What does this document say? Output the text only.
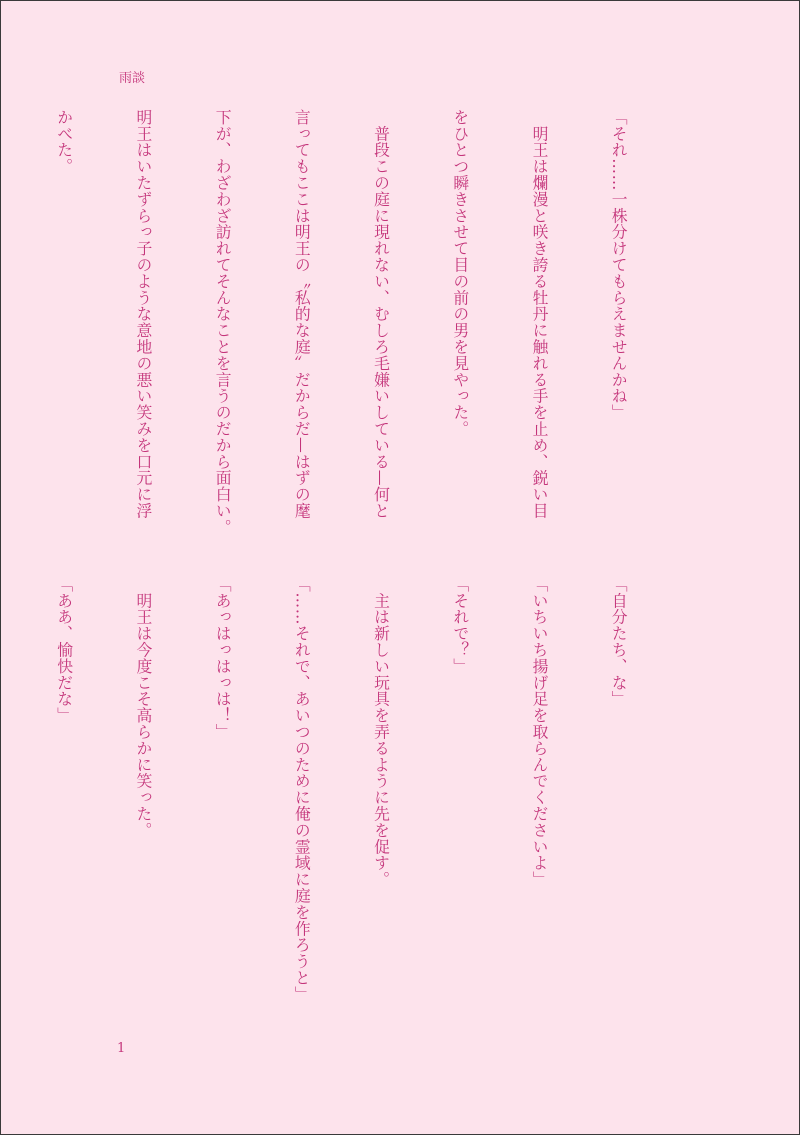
雨談

「それ……一株分けてもらえませんかね」

　明王は爛漫と咲き誇る牡丹に触れる手を止め、鋭い目

をひとつ瞬きさせて目の前の男を見やった。

　普段この庭に現れない、むしろ毛嫌いしている—何と

言ってもここは明王の〝私的な庭〟だからだ—はずの麾

下が、わざわざ訪れてそんなことを言うのだから面白い。

明王はいたずらっ子のような意地の悪い笑みを口元に浮

かべた。

「自分たち、な」

「いちいち揚げ足を取らんでくださいよ」

「それで？」

　主は新しい玩具を弄るように先を促す。

「……それで、あいつのために俺の霊域に庭を作ろうと」

「あっはっはっは！」

　明王は今度こそ高らかに笑った。

「ああ、愉快だな」

1
